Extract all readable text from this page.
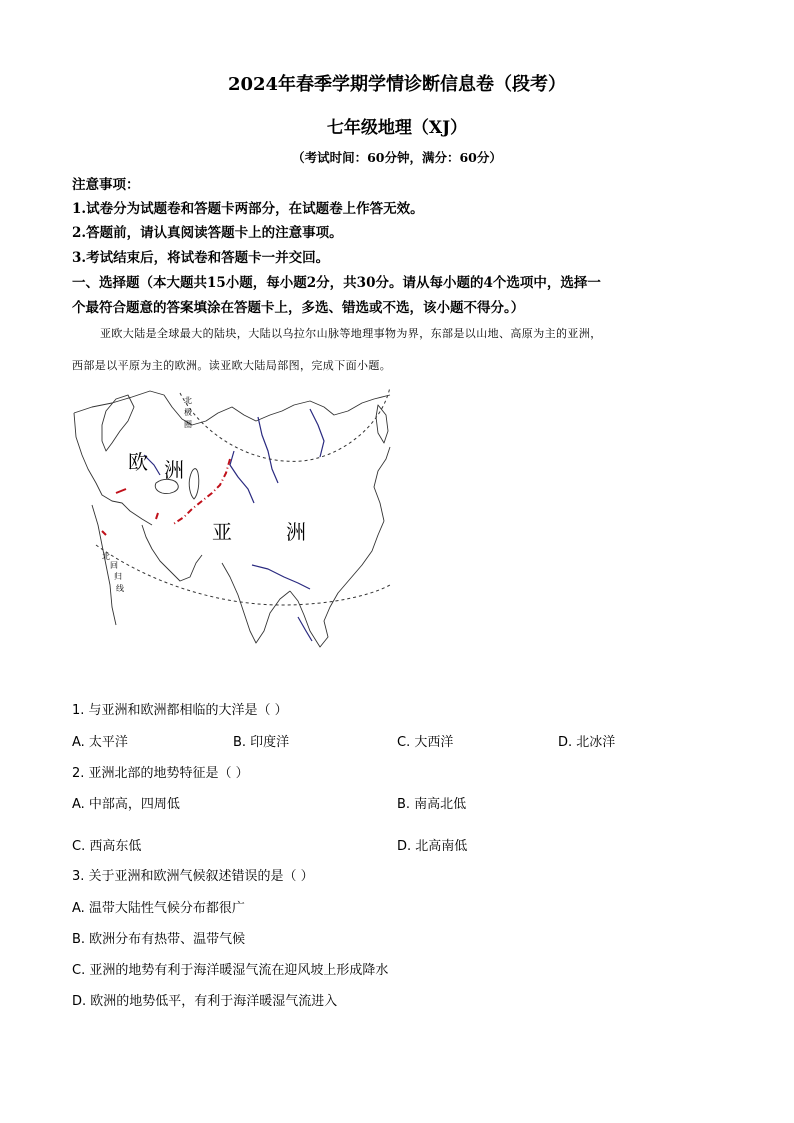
2024年春季学期学情诊断信息卷（段考）
七年级地理（XJ）
（考试时间：60分钟，满分：60分）
注意事项：
1.试卷分为试题卷和答题卡两部分，在试题卷上作答无效。
2.答题前，请认真阅读答题卡上的注意事项。
3.考试结束后，将试卷和答题卡一并交回。
一、选择题（本大题共15小题，每小题2分，共30分。请从每小题的4个选项中，选择一
个最符合题意的答案填涂在答题卡上，多选、错选或不选，该小题不得分。）
亚欧大陆是全球最大的陆块，大陆以乌拉尔山脉等地理事物为界，东部是以山地、高原为主的亚洲，
西部是以平原为主的欧洲。读亚欧大陆局部图，完成下面小题。
欧 洲
亚	洲
北
极
圈
北
回
归
线
1. 与亚洲和欧洲都相临的大洋是（ ）
A. 太平洋	B. 印度洋	C. 大西洋	D. 北冰洋
2. 亚洲北部的地势特征是（ ）
A. 中部高，四周低	B. 南高北低
C. 西高东低	D. 北高南低
3. 关于亚洲和欧洲气候叙述错误的是（ ）
A. 温带大陆性气候分布都很广
B. 欧洲分布有热带、温带气候
C. 亚洲的地势有利于海洋暖湿气流在迎风坡上形成降水
D. 欧洲的地势低平，有利于海洋暖湿气流进入
